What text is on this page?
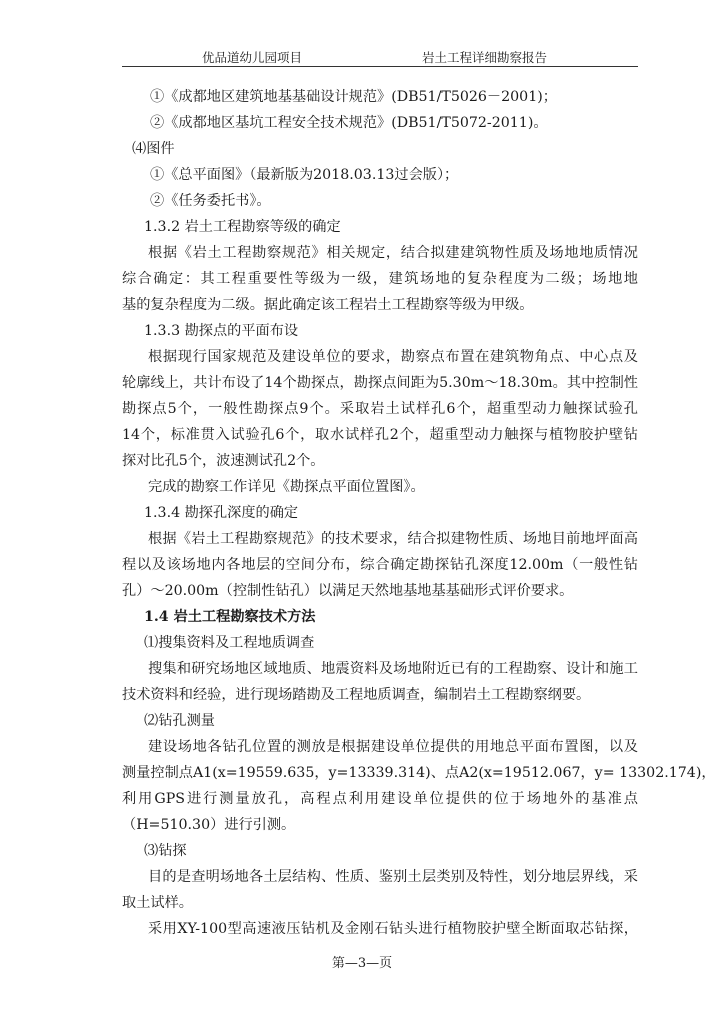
优品道幼儿园项目	岩土工程详细勘察报告
①《成都地区建筑地基基础设计规范》(DB51/T5026－2001)；
②《成都地区基坑工程安全技术规范》(DB51/T5072-2011)。
⑷图件
①《总平面图》（最新版为2018.03.13过会版）；
②《任务委托书》。
1.3.2 岩土工程勘察等级的确定
根据《岩土工程勘察规范》相关规定，结合拟建建筑物性质及场地地质情况
综合确定：其工程重要性等级为一级，建筑场地的复杂程度为二级；场地地
基的复杂程度为二级。据此确定该工程岩土工程勘察等级为甲级。
1.3.3 勘探点的平面布设
根据现行国家规范及建设单位的要求，勘察点布置在建筑物角点、中心点及
轮廓线上，共计布设了14个勘探点，勘探点间距为5.30m～18.30m。其中控制性
勘探点5个，一般性勘探点9个。采取岩土试样孔6个，超重型动力触探试验孔
14个，标准贯入试验孔6个，取水试样孔2个，超重型动力触探与植物胶护壁钻
探对比孔5个，波速测试孔2个。
完成的勘察工作详见《勘探点平面位置图》。
1.3.4 勘探孔深度的确定
根据《岩土工程勘察规范》的技术要求，结合拟建物性质、场地目前地坪面高
程以及该场地内各地层的空间分布，综合确定勘探钻孔深度12.00m（一般性钻
孔）～20.00m（控制性钻孔）以满足天然地基地基基础形式评价要求。
1.4 岩土工程勘察技术方法
⑴搜集资料及工程地质调查
搜集和研究场地区域地质、地震资料及场地附近已有的工程勘察、设计和施工
技术资料和经验，进行现场踏勘及工程地质调查，编制岩土工程勘察纲要。
⑵钻孔测量
建设场地各钻孔位置的测放是根据建设单位提供的用地总平面布置图，以及
测量控制点A1(x=19559.635，y=13339.314)、点A2(x=19512.067，y= 13302.174)，
利用GPS进行测量放孔，高程点利用建设单位提供的位于场地外的基准点
（H=510.30）进行引测。
⑶钻探
目的是查明场地各土层结构、性质、鉴别土层类别及特性，划分地层界线，采
取土试样。
采用XY-100型高速液压钻机及金刚石钻头进行植物胶护壁全断面取芯钻探，
第—3—页
